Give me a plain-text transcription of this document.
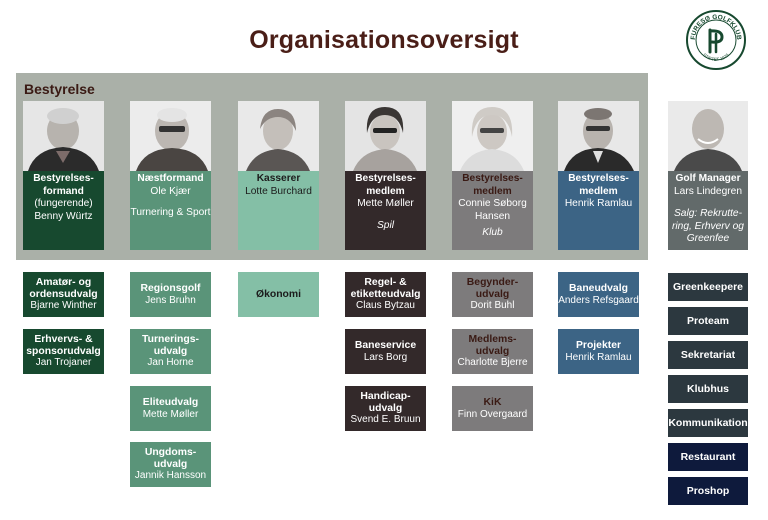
Organisationsoversigt	FURESØ GOLFKLUB
STIFTET 1974
Bestyrelse
Bestyrelses-formand
(fungerende)
Benny Würtz
Næstformand
Ole Kjær
Turnering & Sport
Kasserer
Lotte Burchard
Bestyrelses-medlem
Mette Møller
Spil
Bestyrelses-medlem
Connie Søborg
Hansen
Klub
Bestyrelses-medlem
Henrik Ramlau
Golf Manager
Lars Lindegren
Salg: Rekrutte-ring, Erhverv og Greenfee
Amatør- og ordensudvalg
Bjarne Winther
Erhvervs- & sponsorudvalg
Jan Trojaner
Regionsgolf
Jens Bruhn
Turnerings-udvalg
Jan Horne
Eliteudvalg
Mette Møller
Ungdoms-udvalg
Jannik Hansson
Økonomi
Regel- & etiketteudvalg
Claus Bytzau
Baneservice
Lars Borg
Handicap-udvalg
Svend E. Bruun
Begynder-udvalg
Dorit Buhl
Medlems-udvalg
Charlotte Bjerre
KiK
Finn Overgaard
Baneudvalg
Anders Refsgaard
Projekter
Henrik Ramlau
Greenkeepere
Proteam
Sekretariat
Klubhus
Kommunikation
Restaurant
Proshop
